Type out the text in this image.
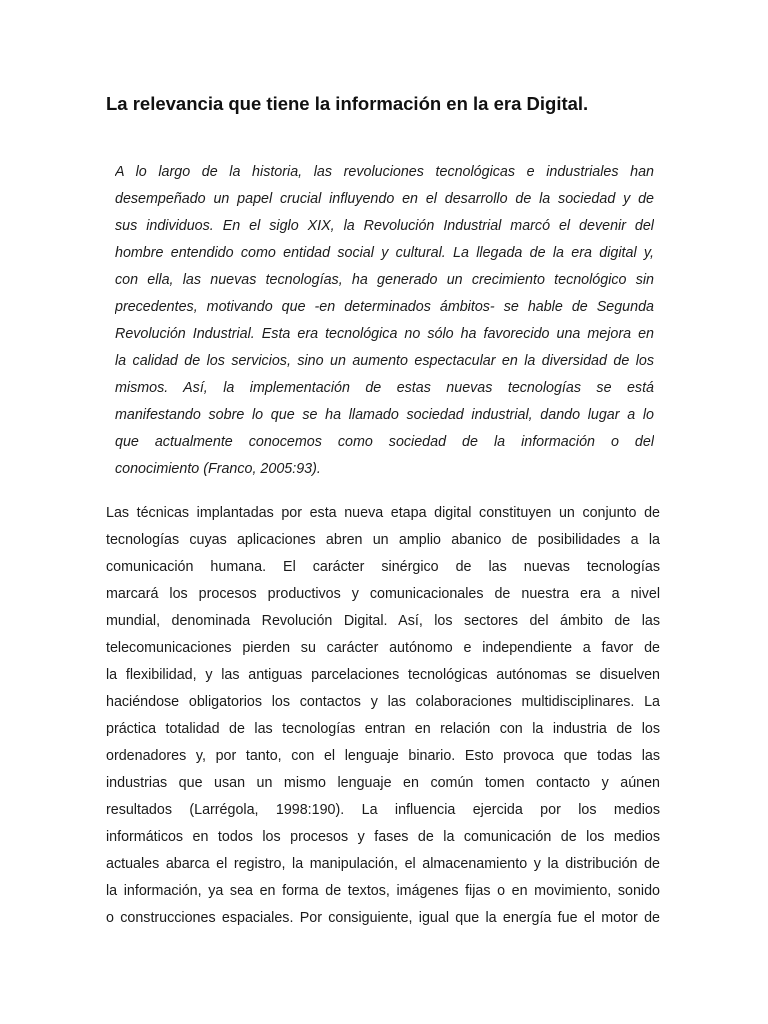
La relevancia que tiene la información en la era Digital.

A lo largo de la historia, las revoluciones tecnológicas e industriales han

desempeñado un papel crucial influyendo en el desarrollo de la sociedad y de

sus individuos. En el siglo XIX, la Revolución Industrial marcó el devenir del

hombre entendido como entidad social y cultural. La llegada de la era digital y,

con ella, las nuevas tecnologías, ha generado un crecimiento tecnológico sin

precedentes, motivando que -en determinados ámbitos- se hable de Segunda

Revolución Industrial. Esta era tecnológica no sólo ha favorecido una mejora en

la calidad de los servicios, sino un aumento espectacular en la diversidad de los

mismos. Así, la implementación de estas nuevas tecnologías se está

manifestando sobre lo que se ha llamado sociedad industrial, dando lugar a lo

que actualmente conocemos como sociedad de la información o del

conocimiento (Franco, 2005:93).

Las técnicas implantadas por esta nueva etapa digital constituyen un conjunto de

tecnologías cuyas aplicaciones abren un amplio abanico de posibilidades a la

comunicación humana. El carácter sinérgico de las nuevas tecnologías

marcará los procesos productivos y comunicacionales de nuestra era a nivel

mundial, denominada Revolución Digital. Así, los sectores del ámbito de las

telecomunicaciones pierden su carácter autónomo e independiente a favor de

la flexibilidad, y las antiguas parcelaciones tecnológicas autónomas se disuelven

haciéndose obligatorios los contactos y las colaboraciones multidisciplinares. La

práctica totalidad de las tecnologías entran en relación con la industria de los

ordenadores y, por tanto, con el lenguaje binario. Esto provoca que todas las

industrias que usan un mismo lenguaje en común tomen contacto y aúnen

resultados (Larrégola, 1998:190). La influencia ejercida por los medios

informáticos en todos los procesos y fases de la comunicación de los medios

actuales abarca el registro, la manipulación, el almacenamiento y la distribución de

la información, ya sea en forma de textos, imágenes fijas o en movimiento, sonido

o construcciones espaciales. Por consiguiente, igual que la energía fue el motor de
